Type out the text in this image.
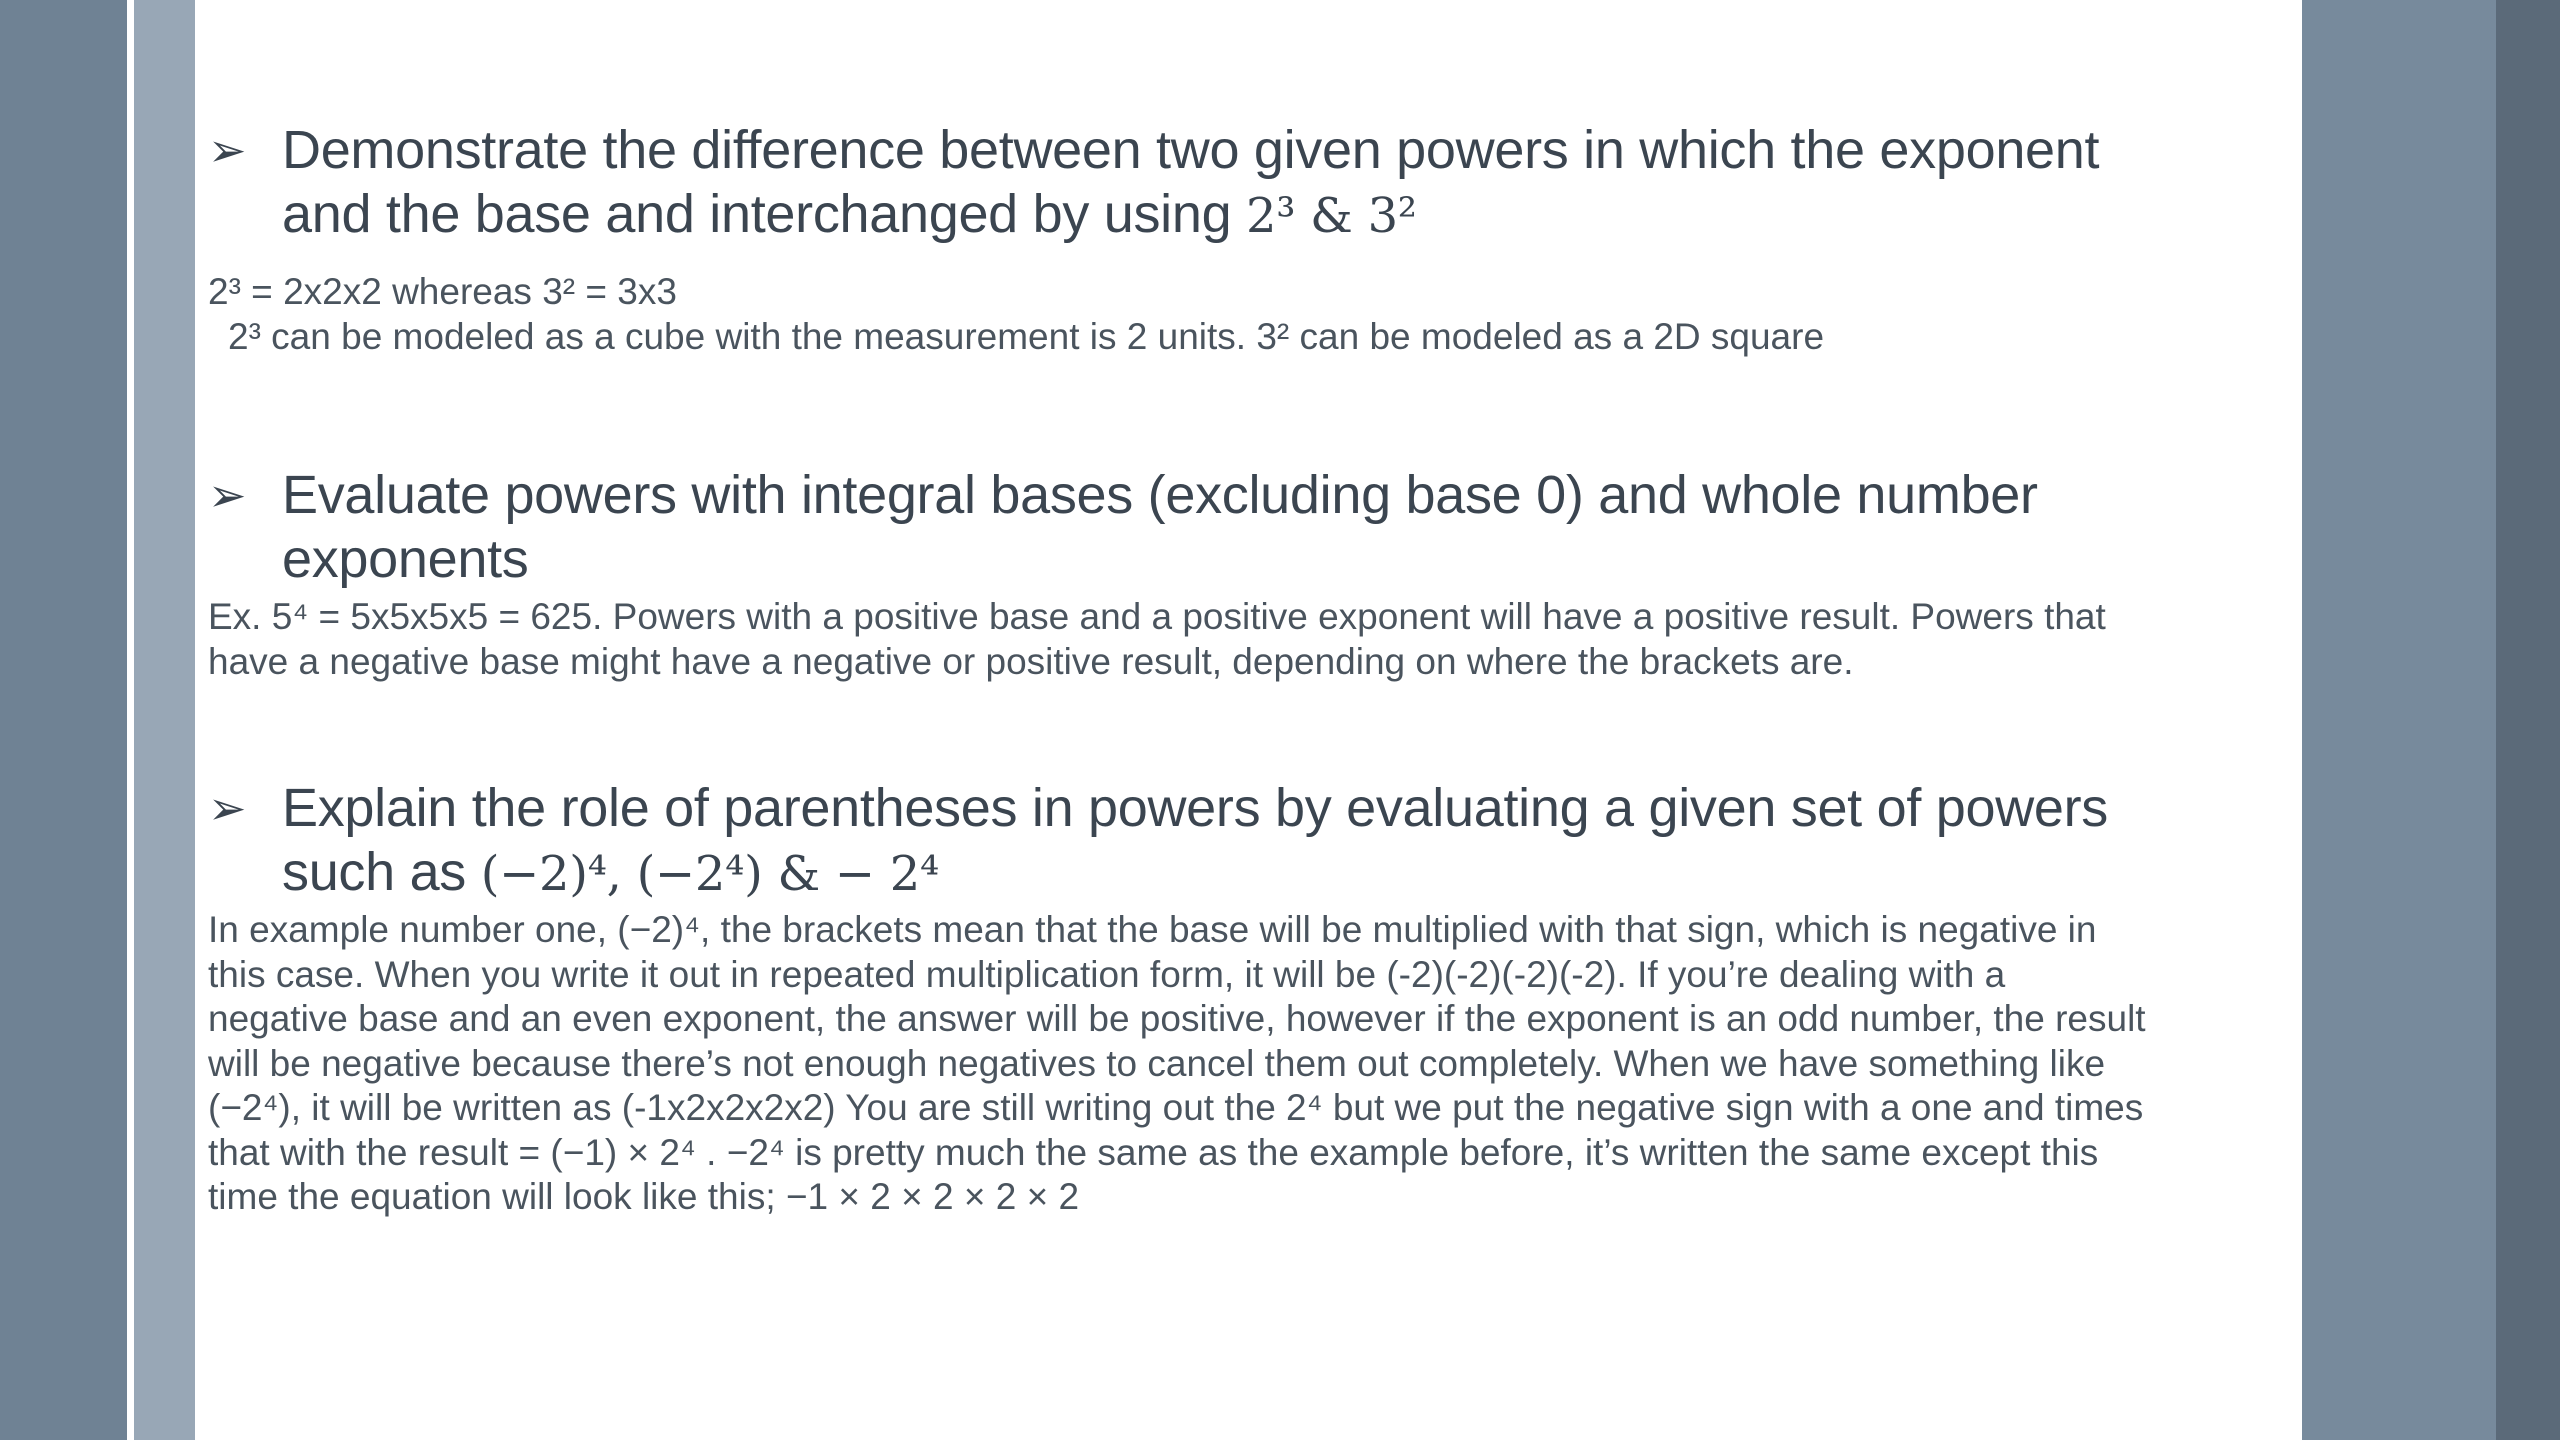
➢ Demonstrate the difference between two given powers in which the exponent
and the base and interchanged by using 2³ & 3²

2³ = 2x2x2 whereas 3² = 3x3

2³ can be modeled as a cube with the measurement is 2 units. 3² can be modeled as a 2D square

➢ Evaluate powers with integral bases (excluding base 0) and whole number
exponents

Ex. 5⁴ = 5x5x5x5 = 625. Powers with a positive base and a positive exponent will have a positive result. Powers that

have a negative base might have a negative or positive result, depending on where the brackets are.

➢ Explain the role of parentheses in powers by evaluating a given set of powers
such as (−2)⁴, (−2⁴) & − 2⁴

In example number one, (−2)⁴, the brackets mean that the base will be multiplied with that sign, which is negative in

this case. When you write it out in repeated multiplication form, it will be (-2)(-2)(-2)(-2). If you’re dealing with a

negative base and an even exponent, the answer will be positive, however if the exponent is an odd number, the result

will be negative because there’s not enough negatives to cancel them out completely. When we have something like

(−2⁴), it will be written as (-1x2x2x2x2) You are still writing out the 2⁴ but we put the negative sign with a one and times

that with the result = (−1) × 2⁴ . −2⁴ is pretty much the same as the example before, it’s written the same except this

time the equation will look like this; −1 × 2 × 2 × 2 × 2
